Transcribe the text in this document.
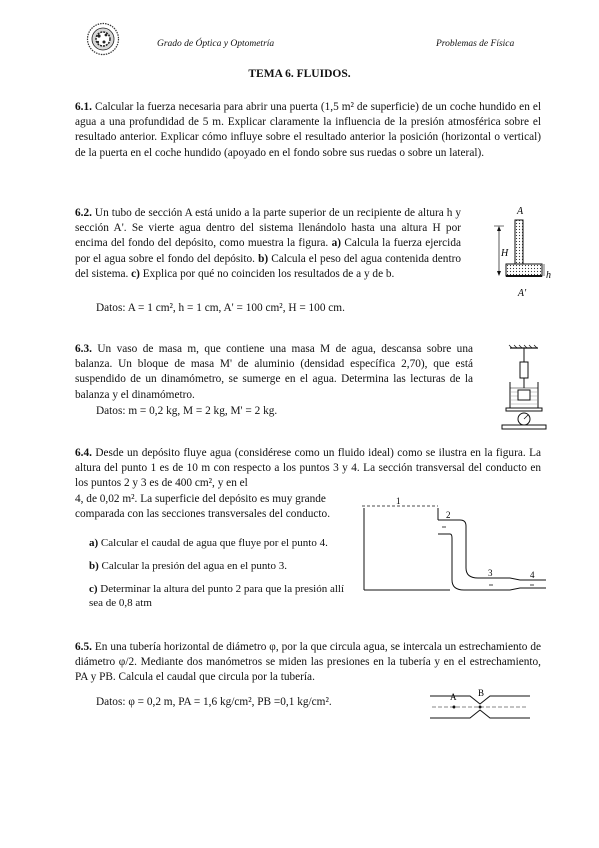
Grado de Óptica y Optometría	Problemas de Física
TEMA 6. FLUIDOS.

6.1. Calcular la fuerza necesaria para abrir una puerta (1,5 m² de superficie) de un coche hundido en el agua a una profundidad de 5 m. Explicar claramente la influencia de la presión atmosférica sobre el resultado anterior. Explicar cómo influye sobre el resultado anterior la posición (horizontal o vertical) de la puerta en el coche hundido (apoyado en el fondo sobre sus ruedas o sobre un lateral).

6.2. Un tubo de sección A está unido a la parte superior de un recipiente de altura h y sección A'. Se vierte agua dentro del sistema llenándolo hasta una altura H por encima del fondo del depósito, como muestra la figura. a) Calcula la fuerza ejercida por el agua sobre el fondo del depósito. b) Calcula el peso del agua contenida dentro del sistema. c) Explica por qué no coinciden los resultados de a y de b.

Datos: A = 1 cm², h = 1 cm, A' = 100 cm², H = 100 cm.
A
H
h
A'

6.3. Un vaso de masa m, que contiene una masa M de agua, descansa sobre una balanza. Un bloque de masa M' de aluminio (densidad específica 2,70), que está suspendido de un dinamómetro, se sumerge en el agua. Determina las lecturas de la balanza y el dinamómetro.

Datos: m = 0,2 kg, M = 2 kg, M' = 2 kg.

6.4. Desde un depósito fluye agua (considérese como un fluido ideal) como se ilustra en la figura. La altura del punto 1 es de 10 m con respecto a los puntos 3 y 4. La sección transversal del conducto en los puntos 2 y 3 es de 400 cm², y en el

4, de 0,02 m². La superficie del depósito es muy grande comparada con las secciones transversales del conducto.

a) Calcular el caudal de agua que fluye por el punto 4.
b) Calcular la presión del agua en el punto 3.
c) Determinar la altura del punto 2 para que la presión allí sea de 0,8 atm
1
2
3	4

6.5. En una tubería horizontal de diámetro φ, por la que circula agua, se intercala un estrechamiento de diámetro φ/2. Mediante dos manómetros se miden las presiones en la tubería y en el estrechamiento, PA y PB. Calcula el caudal que circula por la tubería.

Datos: φ = 0,2 m, PA = 1,6 kg/cm², PB =0,1 kg/cm².	A B
